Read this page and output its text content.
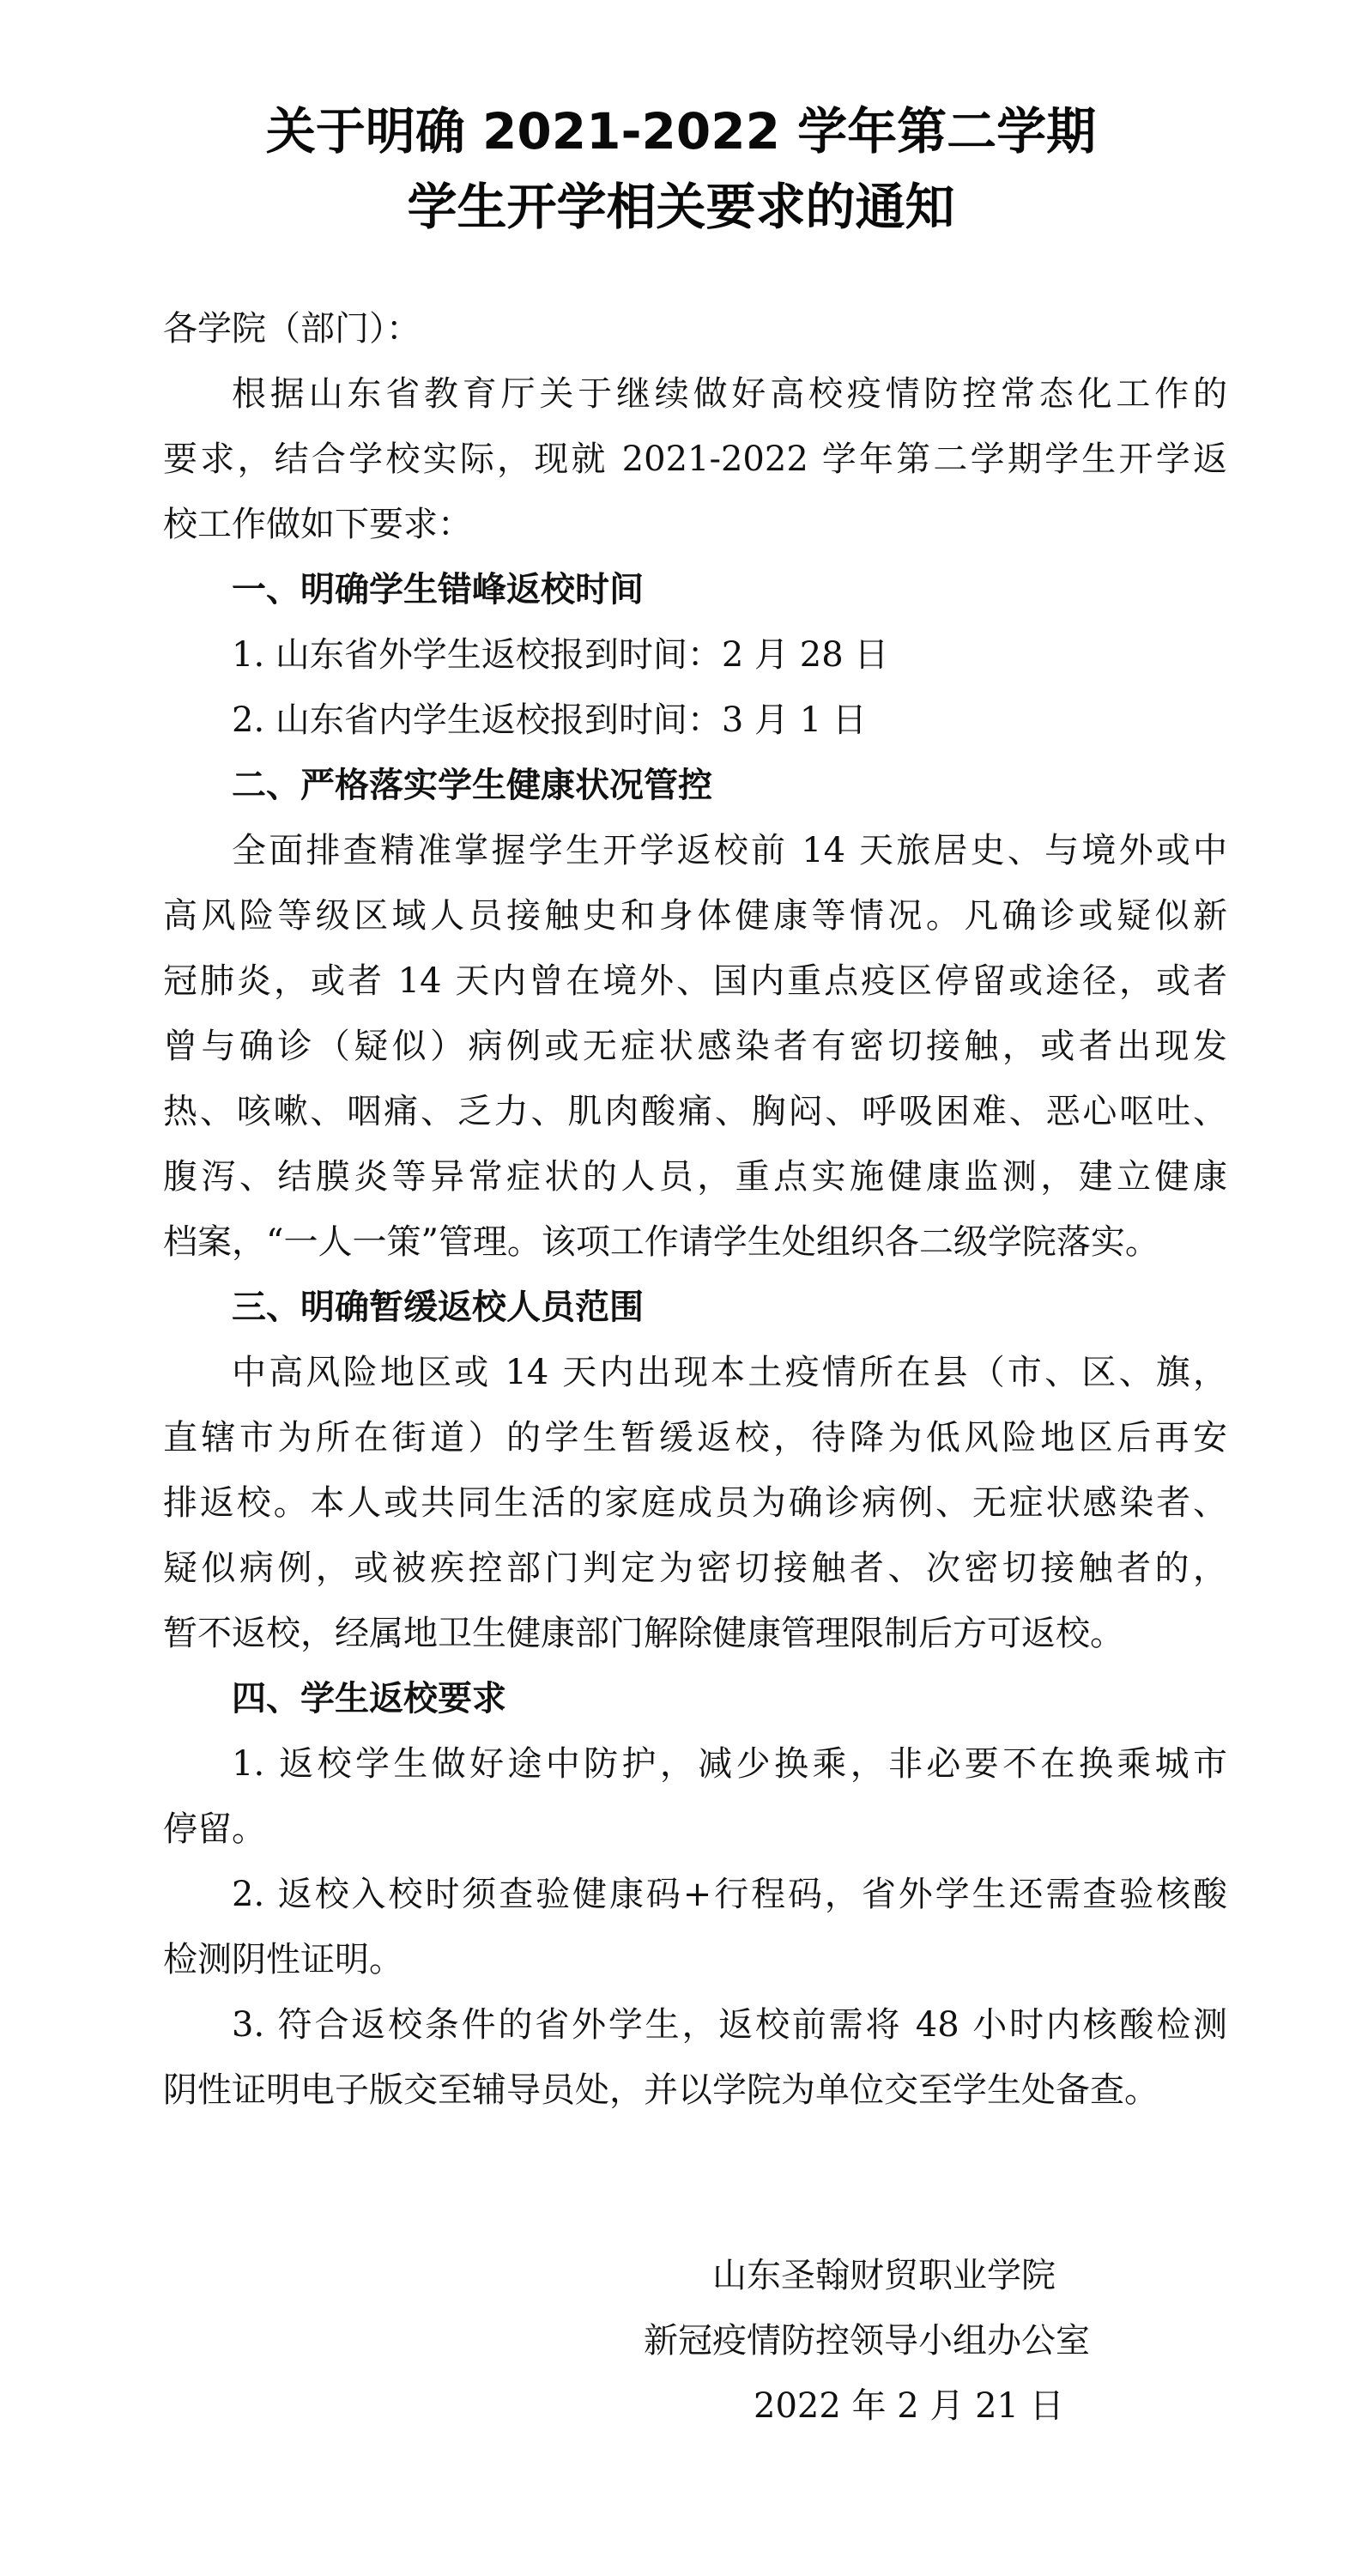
关于明确 2021-2022 学年第二学期
学生开学相关要求的通知
各学院（部门）：
根据山东省教育厅关于继续做好高校疫情防控常态化工作的
要求，结合学校实际，现就 2021-2022 学年第二学期学生开学返
校工作做如下要求：
一、明确学生错峰返校时间
1. 山东省外学生返校报到时间：2 月 28 日
2. 山东省内学生返校报到时间：3 月 1 日
二、严格落实学生健康状况管控
全面排查精准掌握学生开学返校前 14 天旅居史、与境外或中
高风险等级区域人员接触史和身体健康等情况。凡确诊或疑似新
冠肺炎，或者 14 天内曾在境外、国内重点疫区停留或途径，或者
曾与确诊（疑似）病例或无症状感染者有密切接触，或者出现发
热、咳嗽、咽痛、乏力、肌肉酸痛、胸闷、呼吸困难、恶心呕吐、
腹泻、结膜炎等异常症状的人员，重点实施健康监测，建立健康
档案，“一人一策”管理。该项工作请学生处组织各二级学院落实。
三、明确暂缓返校人员范围
中高风险地区或 14 天内出现本土疫情所在县（市、区、旗，
直辖市为所在街道）的学生暂缓返校，待降为低风险地区后再安
排返校。本人或共同生活的家庭成员为确诊病例、无症状感染者、
疑似病例，或被疾控部门判定为密切接触者、次密切接触者的，
暂不返校，经属地卫生健康部门解除健康管理限制后方可返校。
四、学生返校要求
1. 返校学生做好途中防护，减少换乘，非必要不在换乘城市
停留。
2. 返校入校时须查验健康码+行程码，省外学生还需查验核酸
检测阴性证明。
3. 符合返校条件的省外学生，返校前需将 48 小时内核酸检测
阴性证明电子版交至辅导员处，并以学院为单位交至学生处备查。
山东圣翰财贸职业学院
新冠疫情防控领导小组办公室
2022 年 2 月 21 日
